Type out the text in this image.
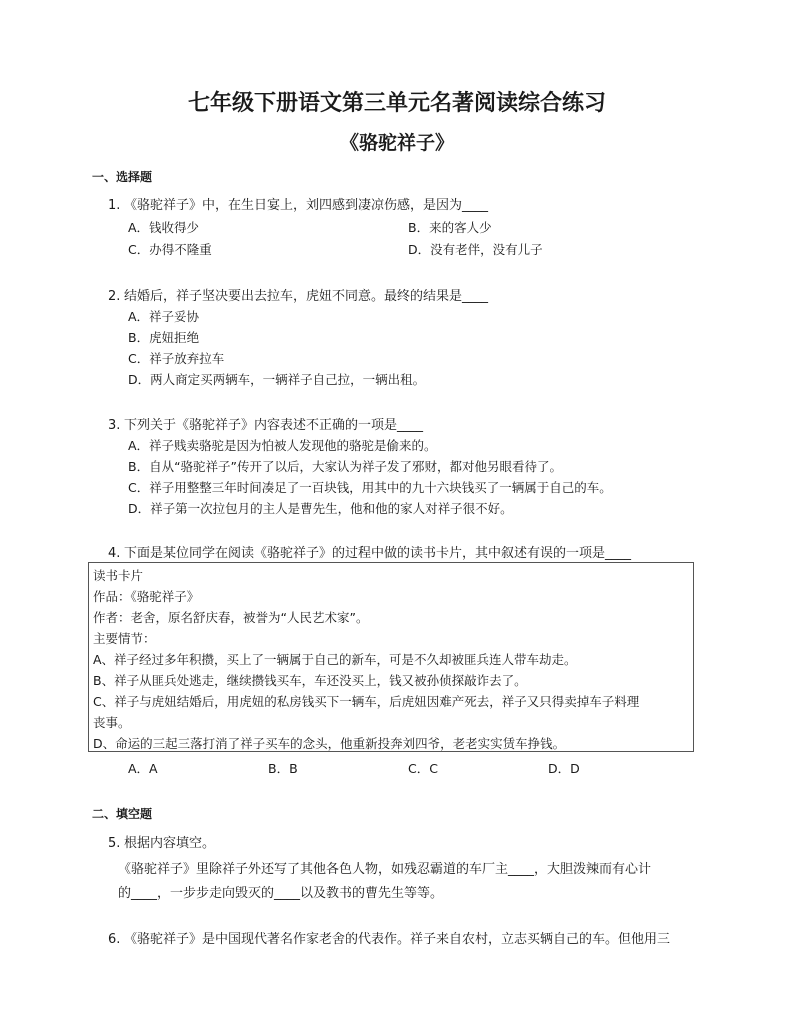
七年级下册语文第三单元名著阅读综合练习
《骆驼祥子》
一、选择题
1. 《骆驼祥子》中，在生日宴上，刘四感到凄凉伤感，是因为____
A．钱收得少	B．来的客人少
C．办得不隆重	D．没有老伴，没有儿子
2. 结婚后，祥子坚决要出去拉车，虎妞不同意。最终的结果是____
A．祥子妥协
B．虎妞拒绝
C．祥子放弃拉车
D．两人商定买两辆车，一辆祥子自己拉，一辆出租。
3. 下列关于《骆驼祥子》内容表述不正确的一项是____
A．祥子贱卖骆驼是因为怕被人发现他的骆驼是偷来的。
B．自从“骆驼祥子”传开了以后，大家认为祥子发了邪财，都对他另眼看待了。
C．祥子用整整三年时间凑足了一百块钱，用其中的九十六块钱买了一辆属于自己的车。
D．祥子第一次拉包月的主人是曹先生，他和他的家人对祥子很不好。
4. 下面是某位同学在阅读《骆驼祥子》的过程中做的读书卡片，其中叙述有误的一项是____
读书卡片
作品：《骆驼祥子》
作者：老舍，原名舒庆春，被誉为“人民艺术家”。
主要情节：
A、祥子经过多年积攒，买上了一辆属于自己的新车，可是不久却被匪兵连人带车劫走。
B、祥子从匪兵处逃走，继续攒钱买车，车还没买上，钱又被孙侦探敲诈去了。
C、祥子与虎妞结婚后，用虎妞的私房钱买下一辆车，后虎妞因难产死去，祥子又只得卖掉车子料理
丧事。
D、命运的三起三落打消了祥子买车的念头，他重新投奔刘四爷，老老实实赁车挣钱。
A．A	B．B	C．C	D．D
二、填空题
5. 根据内容填空。
《骆驼祥子》里除祥子外还写了其他各色人物，如残忍霸道的车厂主____，大胆泼辣而有心计
的____，一步步走向毁灭的____以及教书的曹先生等等。
6. 《骆驼祥子》是中国现代著名作家老舍的代表作。祥子来自农村，立志买辆自己的车。但他用三
